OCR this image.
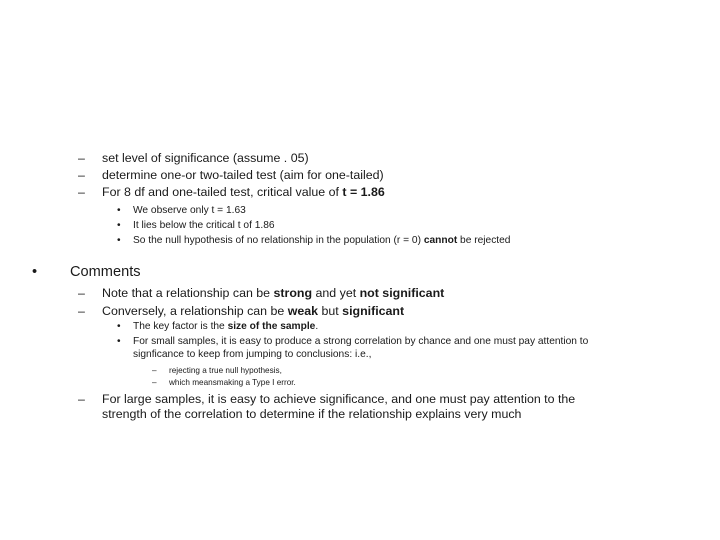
– set level of significance (assume . 05)
– determine one-or two-tailed test (aim for one-tailed)
– For 8 df and one-tailed test, critical value of t = 1.86
• We observe only t = 1.63
• It lies below the critical t of 1.86
• So the null hypothesis of no relationship in the population (r = 0) cannot be rejected
• Comments
– Note that a relationship can be strong and yet not significant
– Conversely, a relationship can be weak but significant
• The key factor is the size of the sample.
• For small samples, it is easy to produce a strong correlation by chance and one must pay attention to
signficance to keep from jumping to conclusions: i.e.,
– rejecting a true null hypothesis,
– which meansmaking a Type I error.
– For large samples, it is easy to achieve significance, and one must pay attention to the
strength of the correlation to determine if the relationship explains very much
